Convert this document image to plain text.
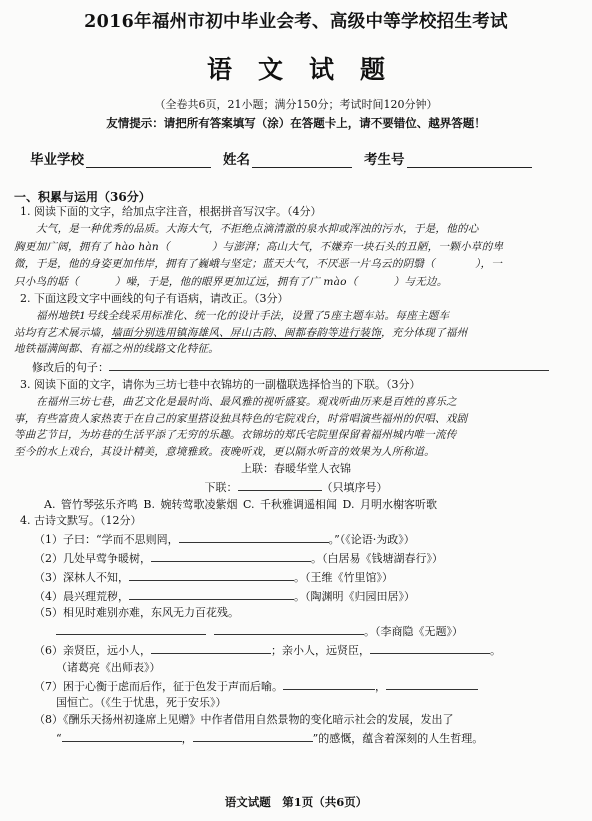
2016年福州市初中毕业会考、高级中等学校招生考试
语文试题
（全卷共6页，21小题；满分150分；考试时间120分钟）
友情提示：请把所有答案填写（涂）在答题卡上，请不要错位、越界答题！
毕业学校	姓名	考生号
一、积累与运用（36分）

1. 阅读下面的文字，给加点字注音，根据拼音写汉字。（4分）

大气，是一种优秀的品质。大海大气，不拒绝点滴清澈的泉水抑或浑浊的污水，于是，他的心

胸更加广阔，拥有了 hào hàn（	）与澎湃；高山大气，不嫌弃一块石头的丑陋，一颗小草的卑

微，于是，他的身姿更加伟岸，拥有了巍峨与坚定；蓝天大气，不厌恶一片乌云的阴翳（	），一

只小鸟的聒（	）噪，于是，他的眼界更加辽远，拥有了广 mào（	）与无边。

2. 下面这段文字中画线的句子有语病，请改正。（3分）

福州地铁1号线全线采用标准化、统一化的设计手法，设置了5座主题车站。每座主题车

站均有艺术展示墙，墙面分别选用镇海雄风、屏山古韵、闽都春韵等进行装饰，充分体现了福州

地铁福满闽都、有福之州的线路文化特征。

修改后的句子：

3. 阅读下面的文字，请你为三坊七巷中衣锦坊的一副楹联选择恰当的下联。（3分）

在福州三坊七巷，曲艺文化是最时尚、最风雅的视听盛宴。观戏听曲历来是百姓的喜乐之

事，有些富贵人家热衷于在自己的家里搭设独具特色的宅院戏台，时常唱演些福州的伬唱、戏剧

等曲艺节目，为坊巷的生活平添了无穷的乐趣。衣锦坊的郑氏宅院里保留着福州城内唯一流传

至今的水上戏台，其设计精美，意境雅致。夜晚听戏，更以隔水听音的效果为人所称道。

上联：春暖华堂人衣锦

下联：	（只填序号）

A. 管竹琴弦乐齐鸣 B. 婉转莺歌凌紫烟 C. 千秋雅调遥相闻 D. 月明水榭客听歌

4. 古诗文默写。（12分）

（1）子曰：“学而不思则罔，	。”（《论语·为政》）

（2）几处早莺争暖树，	。（白居易《钱塘湖春行》）

（3）深林人不知，	。（王维《竹里馆》）

（4）晨兴理荒秽，	。（陶渊明《归园田居》）

（5）相见时难别亦难，东风无力百花残。

。（李商隐《无题》）

（6）亲贤臣，远小人，	；亲小人，远贤臣，	。

（诸葛亮《出师表》）

（7）困于心衡于虑而后作，征于色发于声而后喻。	，

国恒亡。（《生于忧患，死于安乐》）

（8）《酬乐天扬州初逢席上见赠》中作者借用自然景物的变化暗示社会的发展，发出了

“	，	”的感慨，蕴含着深刻的人生哲理。

语文试题　第1页（共6页）
